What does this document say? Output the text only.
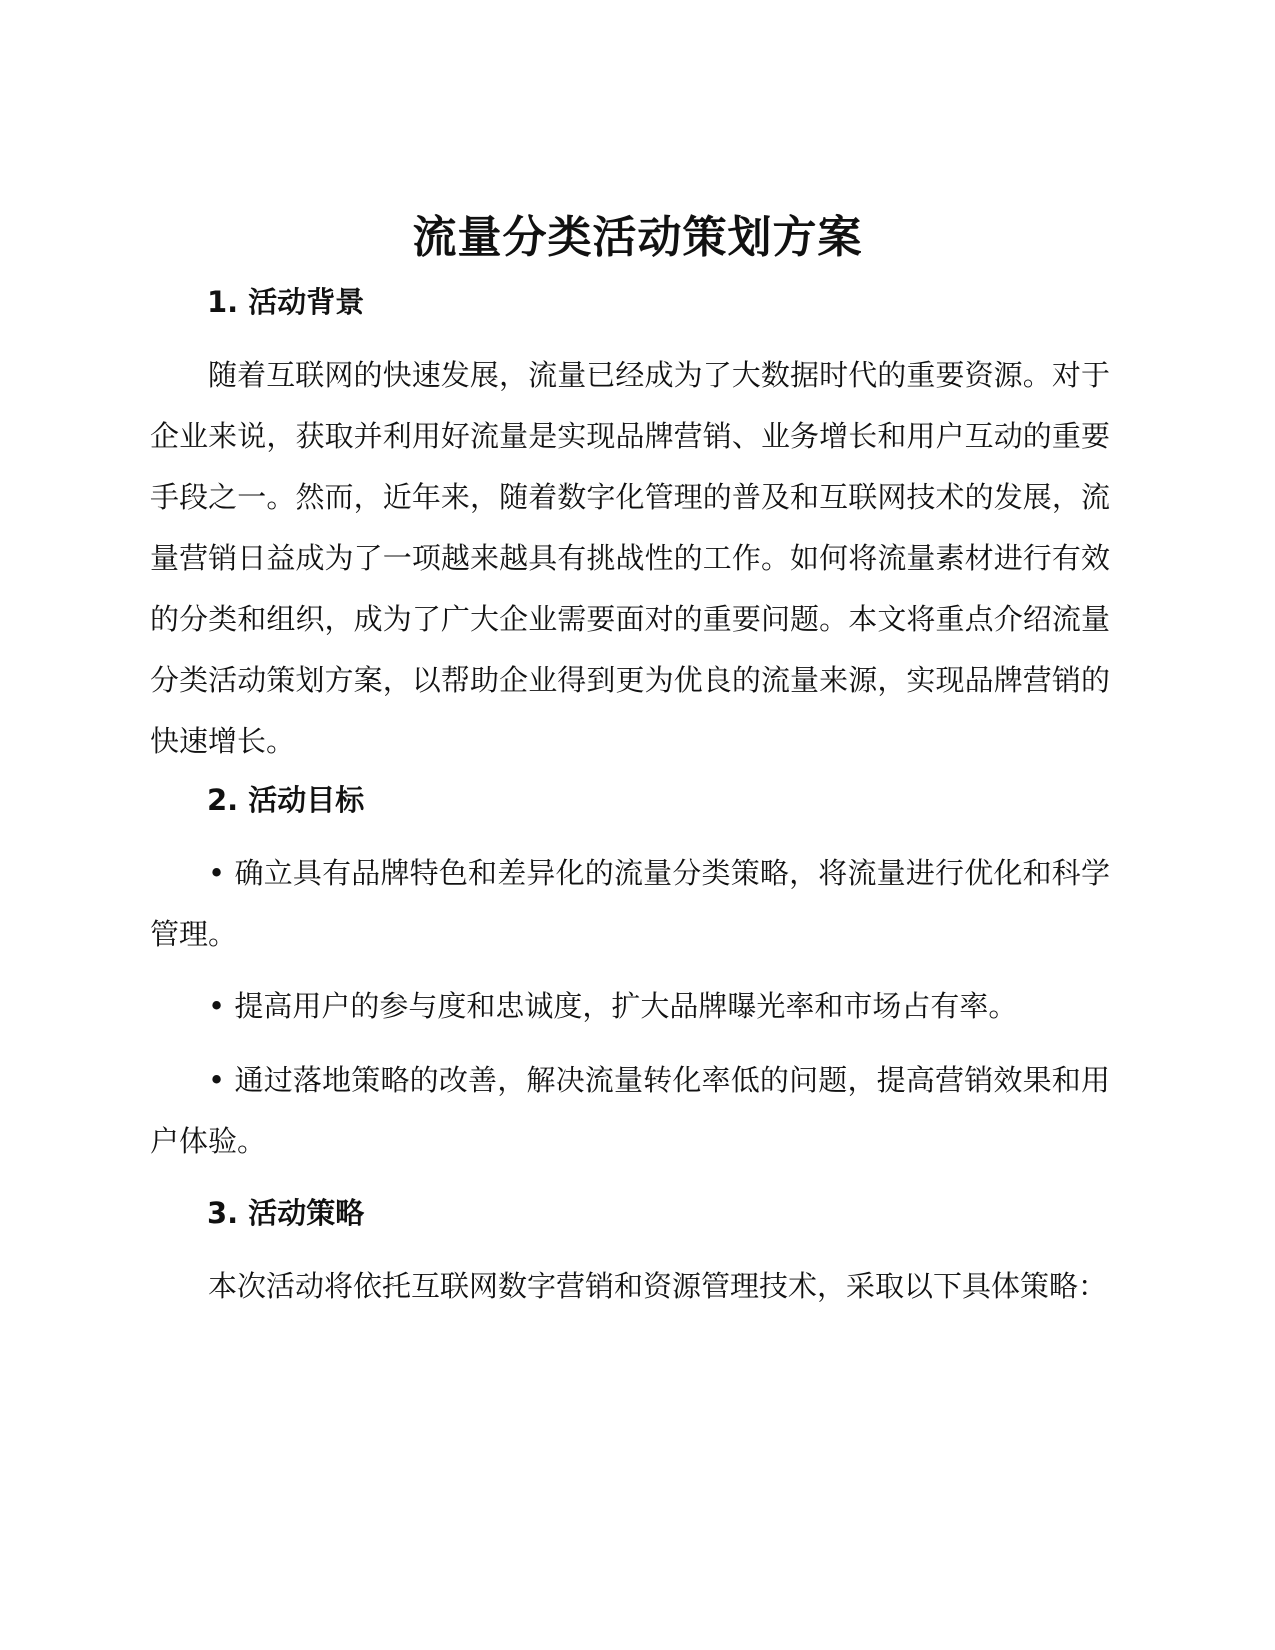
流量分类活动策划方案
1. 活动背景

随着互联网的快速发展，流量已经成为了大数据时代的重要资源。对于企业来说，获取并利用好流量是实现品牌营销、业务增长和用户互动的重要手段之一。然而，近年来，随着数字化管理的普及和互联网技术的发展，流量营销日益成为了一项越来越具有挑战性的工作。如何将流量素材进行有效的分类和组织，成为了广大企业需要面对的重要问题。本文将重点介绍流量分类活动策划方案，以帮助企业得到更为优良的流量来源，实现品牌营销的快速增长。

2. 活动目标

• 确立具有品牌特色和差异化的流量分类策略，将流量进行优化和科学管理。

• 提高用户的参与度和忠诚度，扩大品牌曝光率和市场占有率。

• 通过落地策略的改善，解决流量转化率低的问题，提高营销效果和用户体验。

3. 活动策略

本次活动将依托互联网数字营销和资源管理技术，采取以下具体策略：
